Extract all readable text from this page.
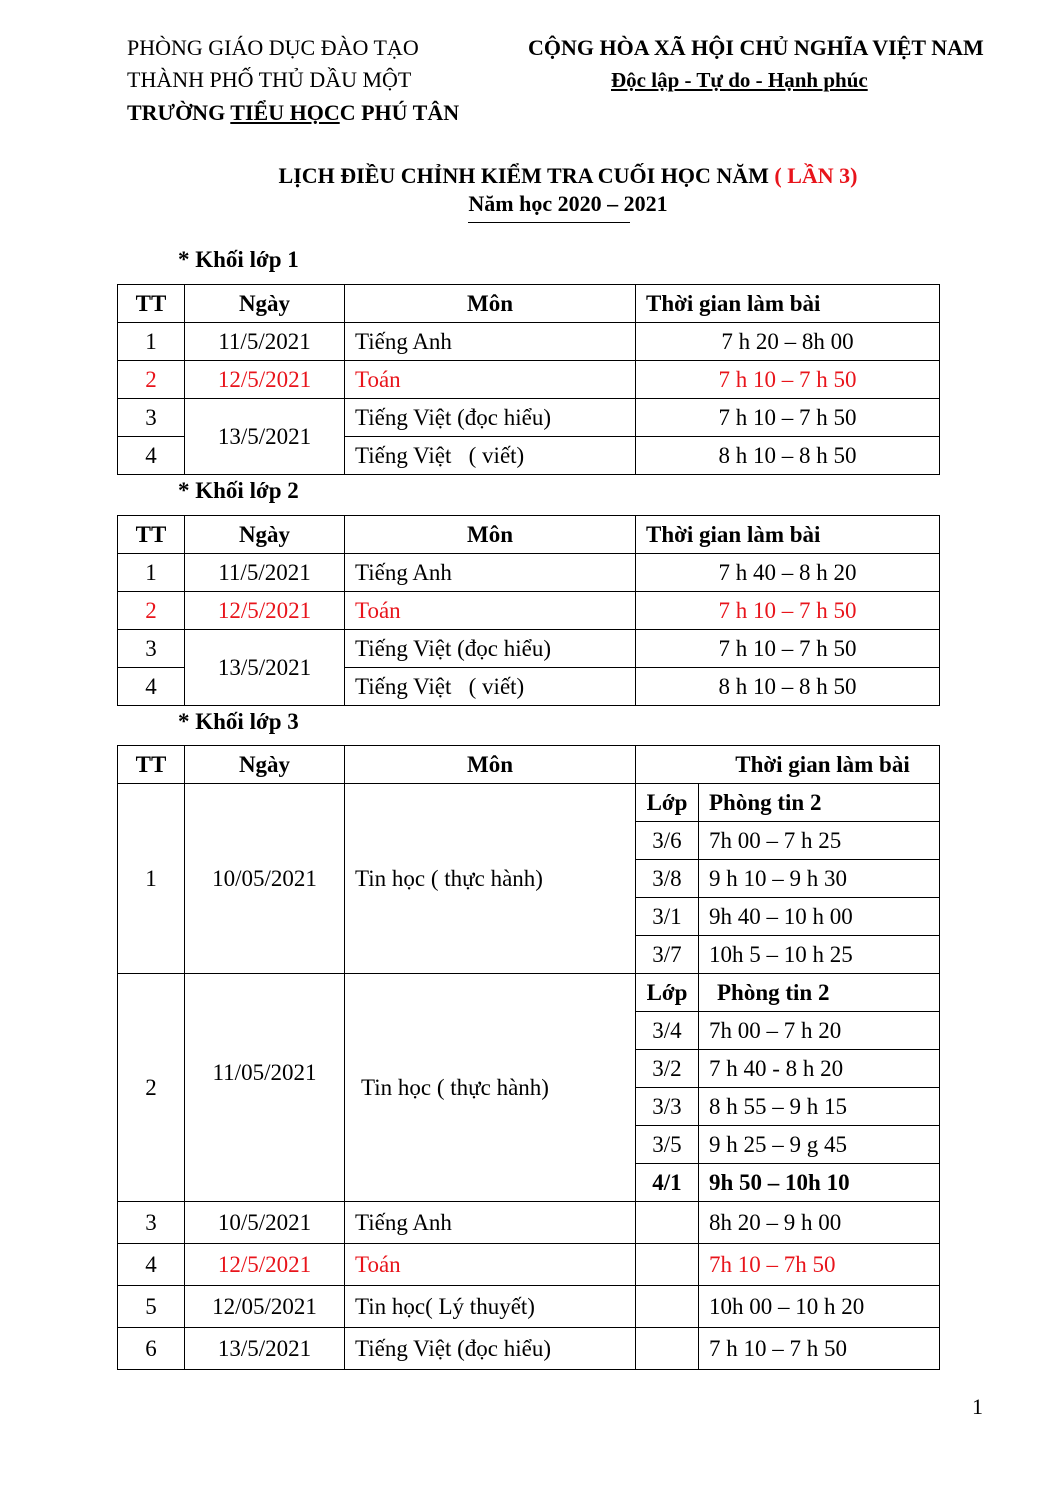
PHÒNG GIÁO DỤC ĐÀO TẠO
THÀNH PHỐ THỦ DẦU MỘT
TRƯỜNG TIỂU HỌCC PHÚ TÂN
CỘNG HÒA XÃ HỘI CHỦ NGHĨA VIỆT NAM
Độc lập - Tự do - Hạnh phúc
LỊCH ĐIỀU CHỈNH KIỂM TRA CUỐI HỌC NĂM ( LẦN 3)
Năm học 2020 – 2021
* Khối lớp 1
TT	Ngày	Môn	Thời gian làm bài
1	11/5/2021	Tiếng Anh	7 h 20 – 8h 00
2	12/5/2021	Toán	7 h 10 – 7 h 50
3	13/5/2021	Tiếng Việt (đọc hiểu)	7 h 10 – 7 h 50
4		Tiếng Việt   ( viết)	8 h 10 – 8 h 50
* Khối lớp 2
TT	Ngày	Môn	Thời gian làm bài
1	11/5/2021	Tiếng Anh	7 h 40 – 8 h 20
2	12/5/2021	Toán	7 h 10 – 7 h 50
3	13/5/2021	Tiếng Việt (đọc hiểu)	7 h 10 – 7 h 50
4		Tiếng Việt   ( viết)	8 h 10 – 8 h 50
* Khối lớp 3
TT	Ngày	Môn	Thời gian làm bài	
1	10/05/2021	Tin học ( thực hành)	Lớp	Phòng tin 2
			3/6	7h 00 – 7 h 25
			3/8	9 h 10 – 9 h 30
			3/1	9h 40 – 10 h 00
			3/7	10h 5 – 10 h 25
2	11/05/2021	Tin học ( thực hành)	Lớp	Phòng tin 2
			3/4	7h 00 – 7 h 20
			3/2	7 h 40 - 8 h 20
			3/3	8 h 55 – 9 h 15
			3/5	9 h 25 – 9 g 45
			4/1	9h 50 – 10h 10
3	10/5/2021	Tiếng Anh		8h 20 – 9 h 00
4	12/5/2021	Toán		7h 10 – 7h 50
5	12/05/2021	Tin học( Lý thuyết)		10h 00 – 10 h 20
6	13/5/2021	Tiếng Việt (đọc hiểu)		7 h 10 – 7 h 50
1
